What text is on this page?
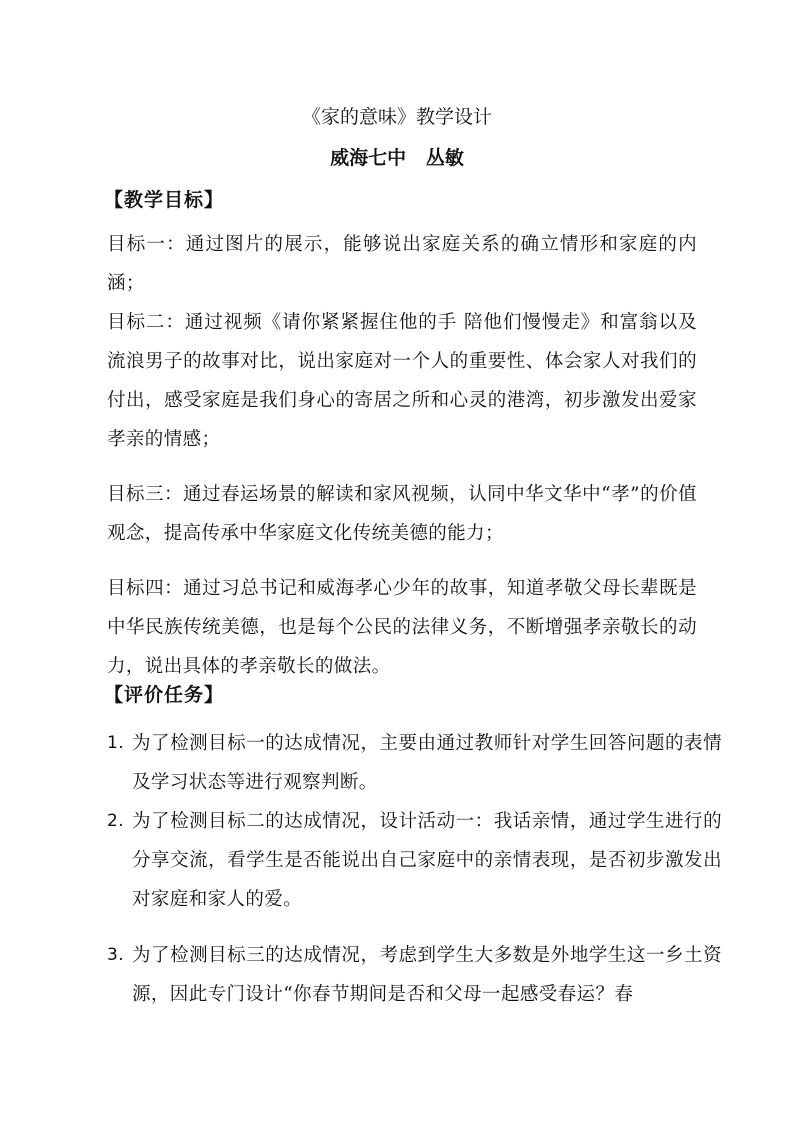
《家的意味》教学设计

威海七中   丛敏

【教学目标】

目标一：通过图片的展示，能够说出家庭关系的确立情形和家庭的内涵；

目标二：通过视频《请你紧紧握住他的手 陪他们慢慢走》和富翁以及流浪男子的故事对比，说出家庭对一个人的重要性、体会家人对我们的付出，感受家庭是我们身心的寄居之所和心灵的港湾，初步激发出爱家孝亲的情感；

目标三：通过春运场景的解读和家风视频，认同中华文华中“孝”的价值观念，提高传承中华家庭文化传统美德的能力；

目标四：通过习总书记和威海孝心少年的故事，知道孝敬父母长辈既是中华民族传统美德，也是每个公民的法律义务，不断增强孝亲敬长的动力，说出具体的孝亲敬长的做法。

【评价任务】
1. 为了检测目标一的达成情况，主要由通过教师针对学生回答问题的表情及学习状态等进行观察判断。
2. 为了检测目标二的达成情况，设计活动一：我话亲情，通过学生进行的分享交流，看学生是否能说出自己家庭中的亲情表现，是否初步激发出对家庭和家人的爱。
3. 为了检测目标三的达成情况，考虑到学生大多数是外地学生这一乡土资源，因此专门设计“你春节期间是否和父母一起感受春运？春
